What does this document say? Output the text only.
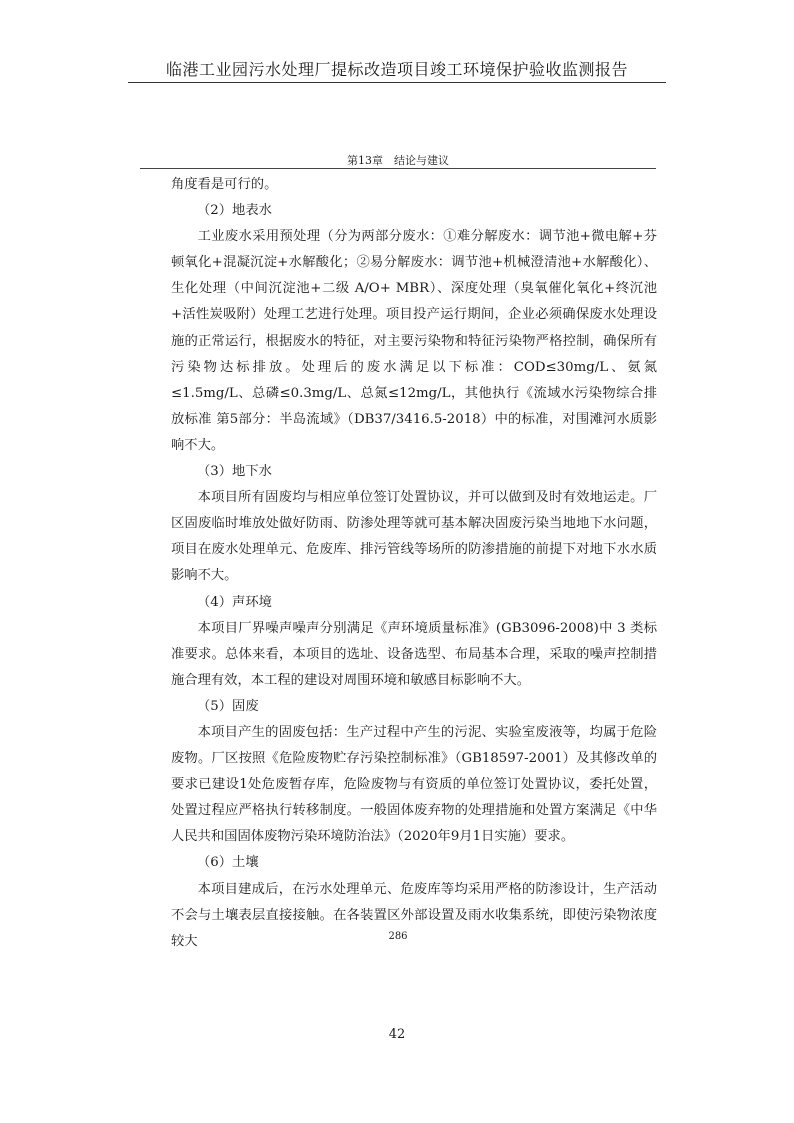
临港工业园污水处理厂提标改造项目竣工环境保护验收监测报告
第13章　结论与建议

角度看是可行的。

（2）地表水

工业废水采用预处理（分为两部分废水：①难分解废水：调节池+微电解+芬顿氧化+混凝沉淀+水解酸化；②易分解废水：调节池+机械澄清池+水解酸化）、生化处理（中间沉淀池+二级 A/O+ MBR）、深度处理（臭氧催化氧化+终沉池+活性炭吸附）处理工艺进行处理。项目投产运行期间，企业必须确保废水处理设施的正常运行，根据废水的特征，对主要污染物和特征污染物严格控制，确保所有污染物达标排放。处理后的废水满足以下标准：COD≤30mg/L、氨氮≤1.5mg/L、总磷≤0.3mg/L、总氮≤12mg/L，其他执行《流域水污染物综合排放标准 第5部分：半岛流域》（DB37/3416.5-2018）中的标准，对围滩河水质影响不大。

（3）地下水

本项目所有固废均与相应单位签订处置协议，并可以做到及时有效地运走。厂区固废临时堆放处做好防雨、防渗处理等就可基本解决固废污染当地地下水问题，项目在废水处理单元、危废库、排污管线等场所的防渗措施的前提下对地下水水质影响不大。

（4）声环境

本项目厂界噪声噪声分别满足《声环境质量标准》(GB3096-2008)中 3 类标准要求。总体来看，本项目的选址、设备选型、布局基本合理，采取的噪声控制措施合理有效，本工程的建设对周围环境和敏感目标影响不大。

（5）固废

本项目产生的固废包括：生产过程中产生的污泥、实验室废液等，均属于危险废物。厂区按照《危险废物贮存污染控制标准》（GB18597-2001）及其修改单的要求已建设1处危废暂存库，危险废物与有资质的单位签订处置协议，委托处置，处置过程应严格执行转移制度。一般固体废弃物的处理措施和处置方案满足《中华人民共和国固体废物污染环境防治法》（2020年9月1日实施）要求。

（6）土壤

本项目建成后，在污水处理单元、危废库等均采用严格的防渗设计，生产活动不会与土壤表层直接接触。在各装置区外部设置及雨水收集系统，即使污染物浓度较大	286
42
